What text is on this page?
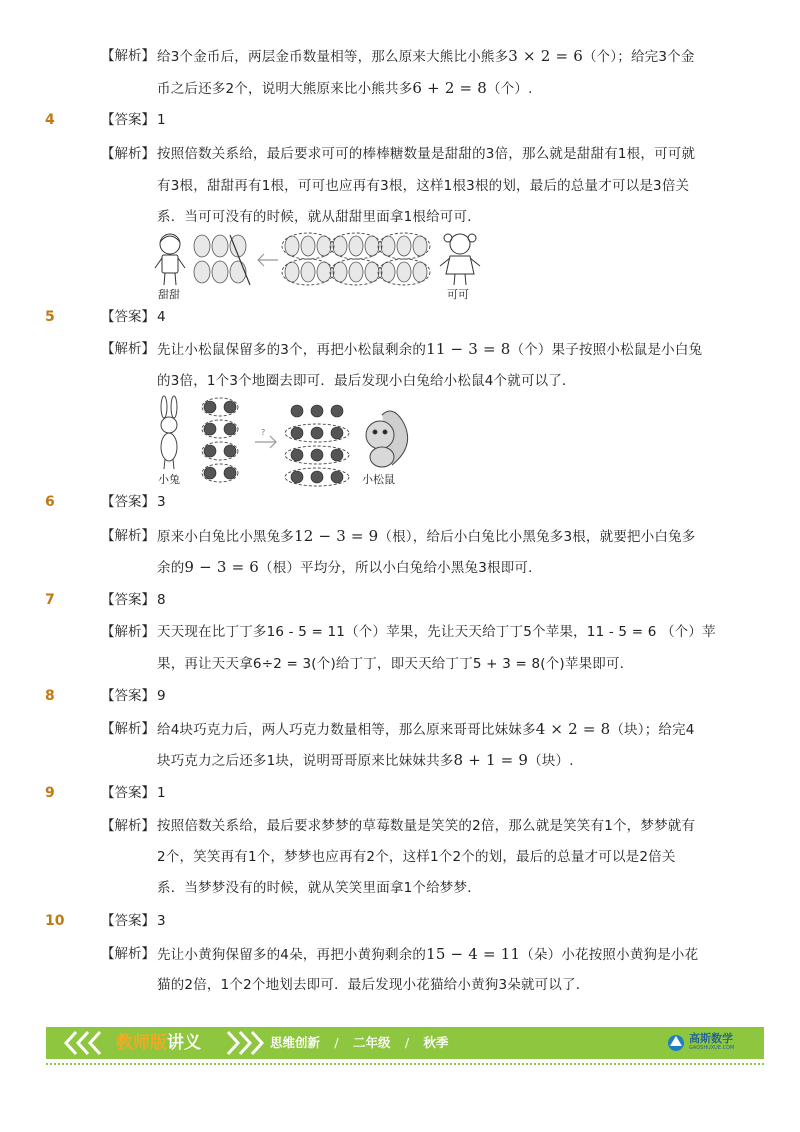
【解析】 给3个金币后，两层金币数量相等，那么原来大熊比小熊多3 × 2 = 6（个）；给完3个金
币之后还多2个，说明大熊原来比小熊共多6 + 2 = 8（个）.
4	【答案】 1
【解析】 按照倍数关系给，最后要求可可的棒棒糖数量是甜甜的3倍，那么就是甜甜有1根，可可就
有3根，甜甜再有1根，可可也应再有3根，这样1根3根的划，最后的总量才可以是3倍关
系．当可可没有的时候，就从甜甜里面拿1根给可可．
甜甜	可可
5	【答案】 4
【解析】 先让小松鼠保留多的3个，再把小松鼠剩余的11 − 3 = 8（个）果子按照小松鼠是小白兔
的3倍，1个3个地圈去即可．最后发现小白兔给小松鼠4个就可以了．
小兔
?
小松鼠
6	【答案】 3
【解析】 原来小白兔比小黑兔多12 − 3 = 9（根），给后小白兔比小黑兔多3根，就要把小白兔多
余的9 − 3 = 6（根）平均分，所以小白兔给小黑兔3根即可．
7	【答案】 8
【解析】 天天现在比丁丁多16 - 5 = 11（个）苹果，先让天天给丁丁5个苹果，11 - 5 = 6 （个）苹
果，再让天天拿6÷2 = 3(个)给丁丁，即天天给丁丁5 + 3 = 8(个)苹果即可．
8	【答案】 9
【解析】 给4块巧克力后，两人巧克力数量相等，那么原来哥哥比妹妹多4 × 2 = 8（块）；给完4
块巧克力之后还多1块，说明哥哥原来比妹妹共多8 + 1 = 9（块）.
9	【答案】 1
【解析】 按照倍数关系给，最后要求梦梦的草莓数量是笑笑的2倍，那么就是笑笑有1个，梦梦就有
2个，笑笑再有1个，梦梦也应再有2个，这样1个2个的划，最后的总量才可以是2倍关
系．当梦梦没有的时候，就从笑笑里面拿1个给梦梦．
10	【答案】 3
【解析】 先让小黄狗保留多的4朵，再把小黄狗剩余的15 − 4 = 11（朵）小花按照小黄狗是小花
猫的2倍，1个2个地划去即可．最后发现小花猫给小黄狗3朵就可以了．
教师版讲义	思维创新 / 二年级 / 秋季	高斯数学
GAOSHUXUE.COM
